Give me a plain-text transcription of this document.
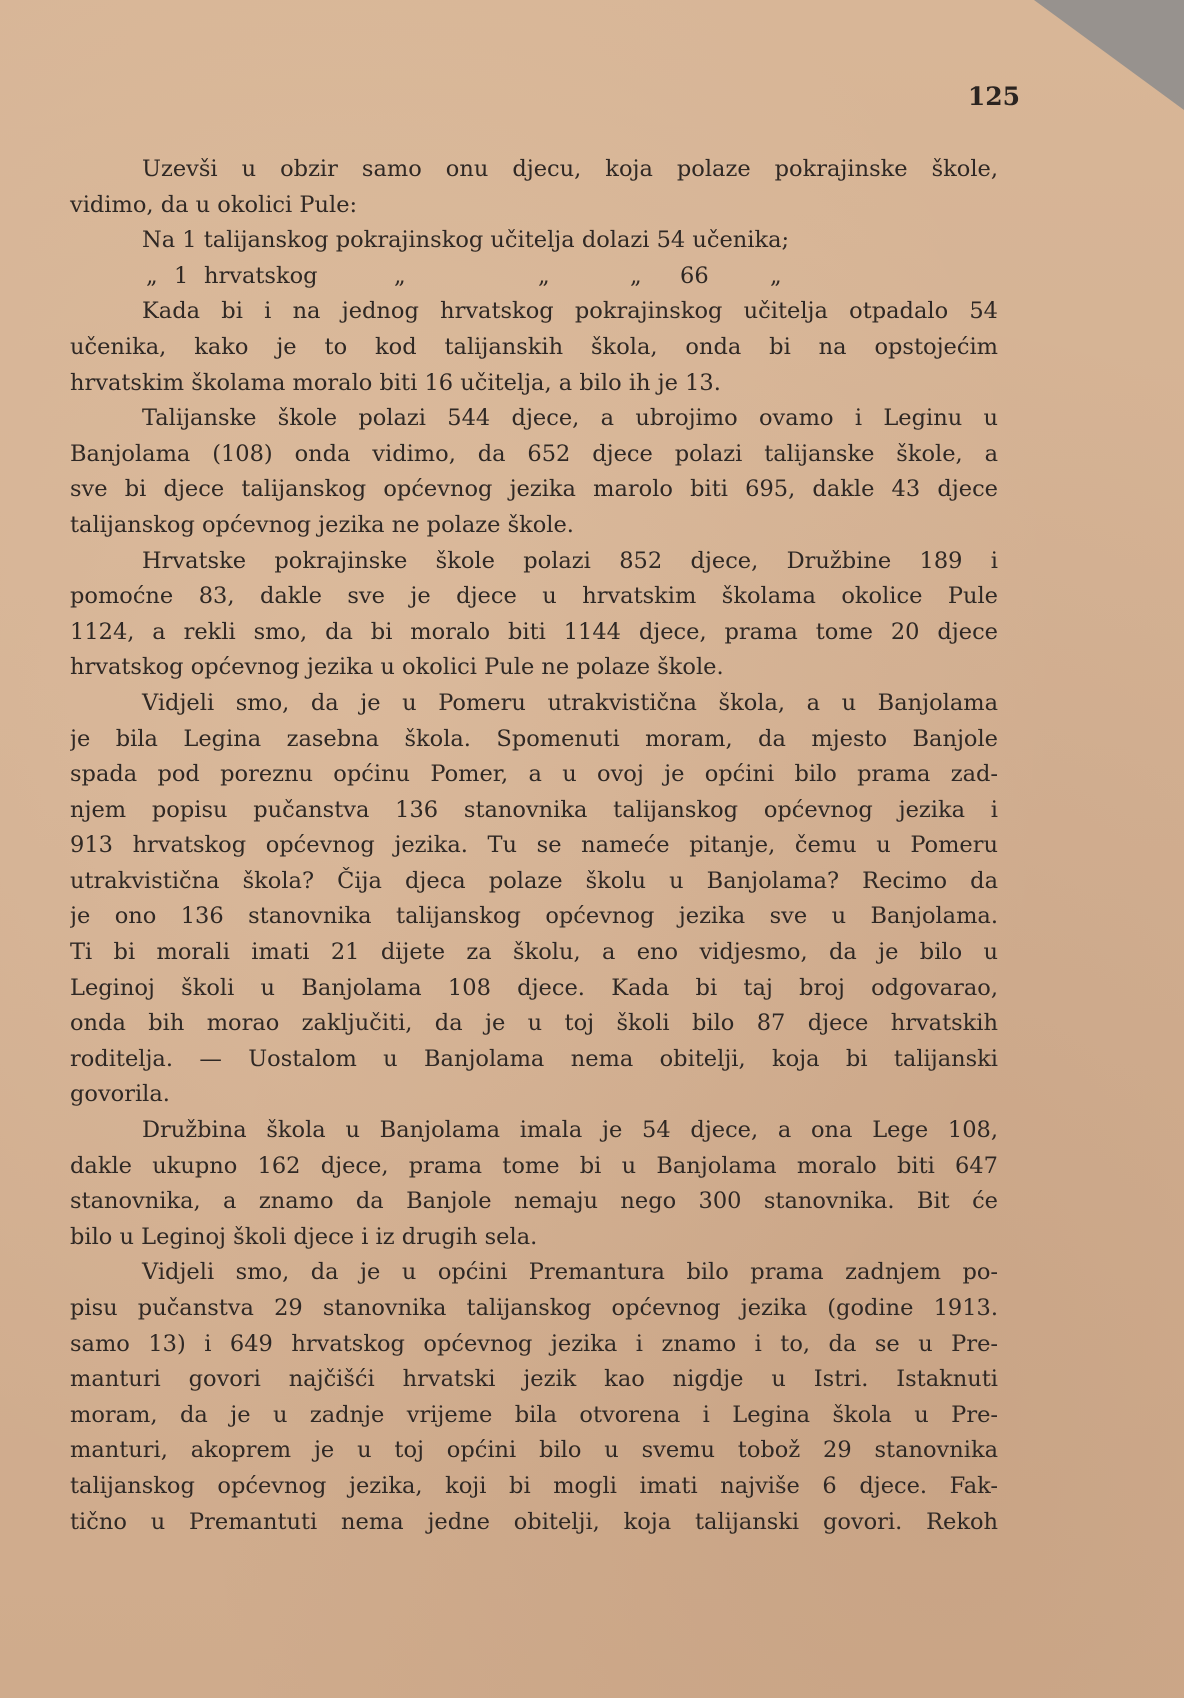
125
Uzevši u obzir samo onu djecu, koja polaze pokrajinske škole,
vidimo, da u okolici Pule:
Na 1 talijanskog pokrajinskog učitelja dolazi 54 učenika;
„ 1 hrvatskog	„	„	„ 66	„
Kada bi i na jednog hrvatskog pokrajinskog učitelja otpadalo 54
učenika, kako je to kod talijanskih škola, onda bi na opstojećim
hrvatskim školama moralo biti 16 učitelja, a bilo ih je 13.
Talijanske škole polazi 544 djece, a ubrojimo ovamo i Leginu u
Banjolama (108) onda vidimo, da 652 djece polazi talijanske škole, a
sve bi djece talijanskog općevnog jezika marolo biti 695, dakle 43 djece
talijanskog općevnog jezika ne polaze škole.
Hrvatske pokrajinske škole polazi 852 djece, Družbine 189 i
pomoćne 83, dakle sve je djece u hrvatskim školama okolice Pule
1124, a rekli smo, da bi moralo biti 1144 djece, prama tome 20 djece
hrvatskog općevnog jezika u okolici Pule ne polaze škole.
Vidjeli smo, da je u Pomeru utrakvistična škola, a u Banjolama
je bila Legina zasebna škola. Spomenuti moram, da mjesto Banjole
spada pod poreznu općinu Pomer, a u ovoj je općini bilo prama zad-
njem popisu pučanstva 136 stanovnika talijanskog općevnog jezika i
913 hrvatskog općevnog jezika. Tu se nameće pitanje, čemu u Pomeru
utrakvistična škola? Čija djeca polaze školu u Banjolama? Recimo da
je ono 136 stanovnika talijanskog općevnog jezika sve u Banjolama.
Ti bi morali imati 21 dijete za školu, a eno vidjesmo, da je bilo u
Leginoj školi u Banjolama 108 djece. Kada bi taj broj odgovarao,
onda bih morao zaključiti, da je u toj školi bilo 87 djece hrvatskih
roditelja. — Uostalom u Banjolama nema obitelji, koja bi talijanski
govorila.
Družbina škola u Banjolama imala je 54 djece, a ona Lege 108,
dakle ukupno 162 djece, prama tome bi u Banjolama moralo biti 647
stanovnika, a znamo da Banjole nemaju nego 300 stanovnika. Bit će
bilo u Leginoj školi djece i iz drugih sela.
Vidjeli smo, da je u općini Premantura bilo prama zadnjem po-
pisu pučanstva 29 stanovnika talijanskog općevnog jezika (godine 1913.
samo 13) i 649 hrvatskog općevnog jezika i znamo i to, da se u Pre-
manturi govori najčišći hrvatski jezik kao nigdje u Istri. Istaknuti
moram, da je u zadnje vrijeme bila otvorena i Legina škola u Pre-
manturi, akoprem je u toj općini bilo u svemu tobož 29 stanovnika
talijanskog općevnog jezika, koji bi mogli imati najviše 6 djece. Fak-
tično u Premantuti nema jedne obitelji, koja talijanski govori. Rekoh
